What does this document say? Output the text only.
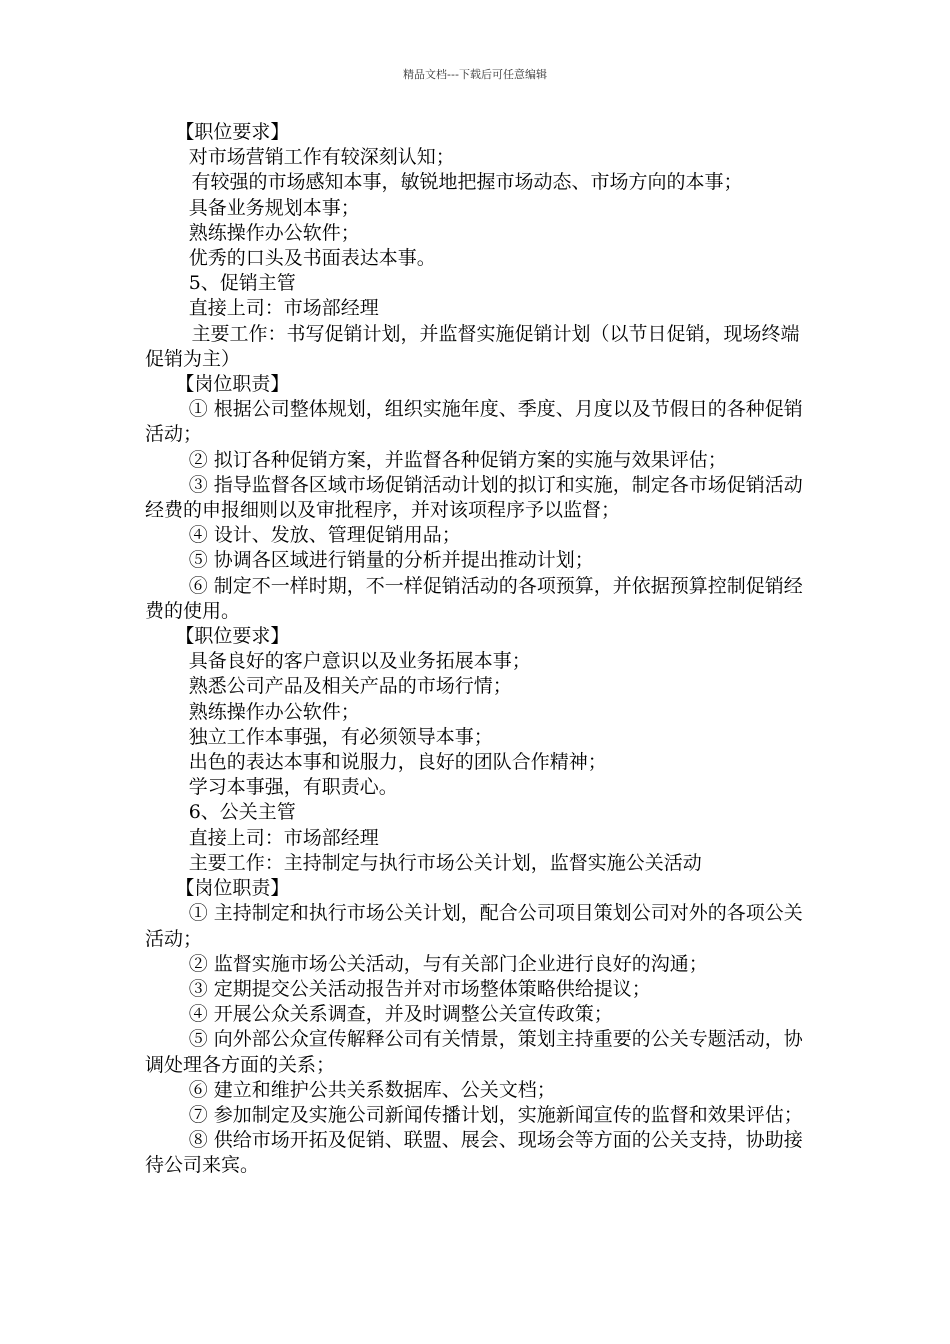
精品文档---下载后可任意编辑

【职位要求】

对市场营销工作有较深刻认知；

有较强的市场感知本事，敏锐地把握市场动态、市场方向的本事；

具备业务规划本事；

熟练操作办公软件；

优秀的口头及书面表达本事。

5、促销主管

直接上司：市场部经理

主要工作：书写促销计划，并监督实施促销计划（以节日促销，现场终端促销为主）

【岗位职责】

① 根据公司整体规划，组织实施年度、季度、月度以及节假日的各种促销活动；

② 拟订各种促销方案，并监督各种促销方案的实施与效果评估；

③ 指导监督各区域市场促销活动计划的拟订和实施，制定各市场促销活动经费的申报细则以及审批程序，并对该项程序予以监督；

④ 设计、发放、管理促销用品；

⑤ 协调各区域进行销量的分析并提出推动计划；

⑥ 制定不一样时期，不一样促销活动的各项预算，并依据预算控制促销经费的使用。

【职位要求】

具备良好的客户意识以及业务拓展本事；

熟悉公司产品及相关产品的市场行情；

熟练操作办公软件；

独立工作本事强，有必须领导本事；

出色的表达本事和说服力，良好的团队合作精神；

学习本事强，有职责心。

6、公关主管

直接上司：市场部经理

主要工作：主持制定与执行市场公关计划，监督实施公关活动

【岗位职责】

① 主持制定和执行市场公关计划，配合公司项目策划公司对外的各项公关活动；

② 监督实施市场公关活动，与有关部门企业进行良好的沟通；

③ 定期提交公关活动报告并对市场整体策略供给提议；

④ 开展公众关系调查，并及时调整公关宣传政策；

⑤ 向外部公众宣传解释公司有关情景，策划主持重要的公关专题活动，协调处理各方面的关系；

⑥ 建立和维护公共关系数据库、公关文档；

⑦ 参加制定及实施公司新闻传播计划，实施新闻宣传的监督和效果评估；

⑧ 供给市场开拓及促销、联盟、展会、现场会等方面的公关支持，协助接待公司来宾。
